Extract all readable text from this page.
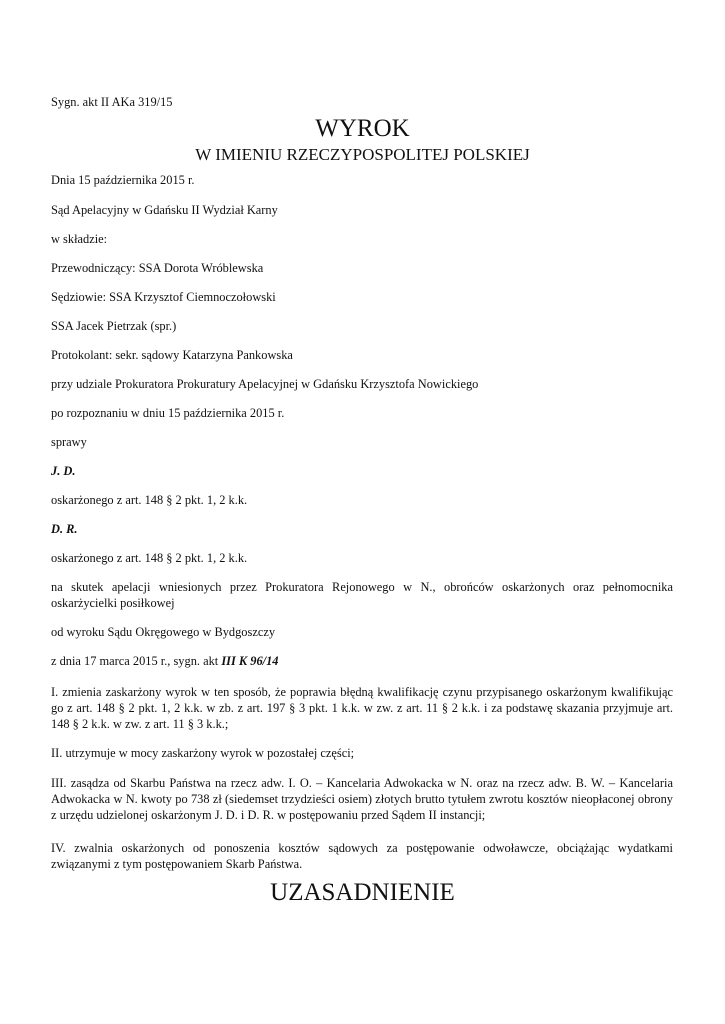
Sygn. akt II AKa 319/15

WYROK

W IMIENIU RZECZYPOSPOLITEJ POLSKIEJ

Dnia 15 października 2015 r.

Sąd Apelacyjny w Gdańsku II Wydział Karny

w składzie:

Przewodniczący: SSA Dorota Wróblewska

Sędziowie: SSA Krzysztof Ciemnoczołowski

SSA Jacek Pietrzak (spr.)

Protokolant: sekr. sądowy Katarzyna Pankowska

przy udziale Prokuratora Prokuratury Apelacyjnej w Gdańsku Krzysztofa Nowickiego

po rozpoznaniu w dniu 15 października 2015 r.

sprawy

J. D.

oskarżonego z art. 148 § 2 pkt. 1, 2 k.k.

D. R.

oskarżonego z art. 148 § 2 pkt. 1, 2 k.k.

na skutek apelacji wniesionych przez Prokuratora Rejonowego w N., obrońców oskarżonych oraz pełnomocnika oskarżycielki posiłkowej

od wyroku Sądu Okręgowego w Bydgoszczy

z dnia 17 marca 2015 r., sygn. akt III K 96/14

I. zmienia zaskarżony wyrok w ten sposób, że poprawia błędną kwalifikację czynu przypisanego oskarżonym kwalifikując go z art. 148 § 2 pkt. 1, 2 k.k. w zb. z art. 197 § 3 pkt. 1 k.k. w zw. z art. 11 § 2 k.k. i za podstawę skazania przyjmuje art. 148 § 2 k.k. w zw. z art. 11 § 3 k.k.;

II. utrzymuje w mocy zaskarżony wyrok w pozostałej części;

III. zasądza od Skarbu Państwa na rzecz adw. I. O. – Kancelaria Adwokacka w N. oraz na rzecz adw. B. W. – Kancelaria Adwokacka w N. kwoty po 738 zł (siedemset trzydzieści osiem) złotych brutto tytułem zwrotu kosztów nieopłaconej obrony z urzędu udzielonej oskarżonym J. D. i D. R. w postępowaniu przed Sądem II instancji;

IV. zwalnia oskarżonych od ponoszenia kosztów sądowych za postępowanie odwoławcze, obciążając wydatkami związanymi z tym postępowaniem Skarb Państwa.

UZASADNIENIE
